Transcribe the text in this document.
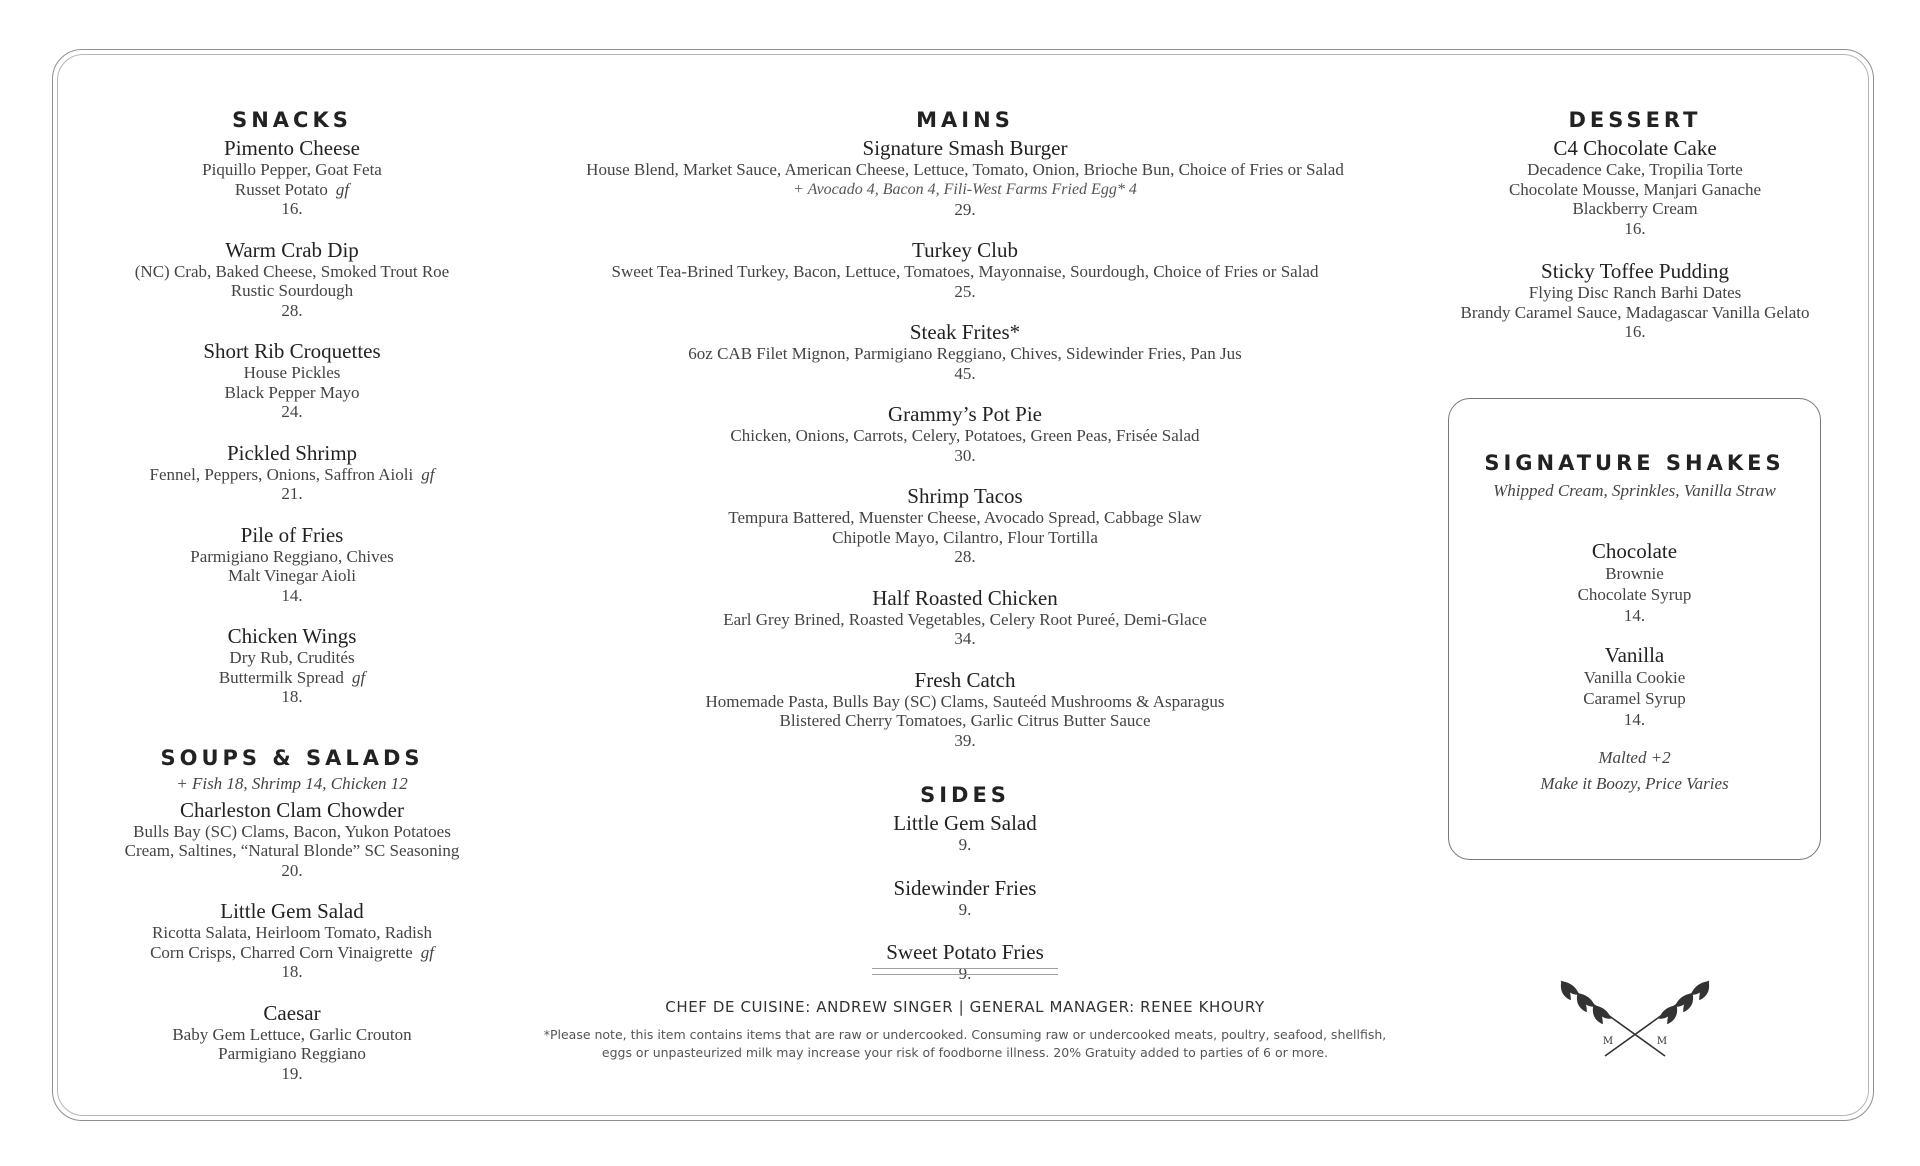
SNACKS
Pimento Cheese
Piquillo Pepper, Goat Feta
Russet Potato gf
16.
Warm Crab Dip
(NC) Crab, Baked Cheese, Smoked Trout Roe
Rustic Sourdough
28.
Short Rib Croquettes
House Pickles
Black Pepper Mayo
24.
Pickled Shrimp
Fennel, Peppers, Onions, Saffron Aioli gf
21.
Pile of Fries
Parmigiano Reggiano, Chives
Malt Vinegar Aioli
14.
Chicken Wings
Dry Rub, Crudités
Buttermilk Spread gf
18.
SOUPS & SALADS
+ Fish 18, Shrimp 14, Chicken 12
Charleston Clam Chowder
Bulls Bay (SC) Clams, Bacon, Yukon Potatoes
Cream, Saltines, “Natural Blonde” SC Seasoning
20.
Little Gem Salad
Ricotta Salata, Heirloom Tomato, Radish
Corn Crisps, Charred Corn Vinaigrette gf
18.
Caesar
Baby Gem Lettuce, Garlic Crouton
Parmigiano Reggiano
19.
MAINS
Signature Smash Burger
House Blend, Market Sauce, American Cheese, Lettuce, Tomato, Onion, Brioche Bun, Choice of Fries or Salad
+ Avocado 4, Bacon 4, Fili-West Farms Fried Egg* 4
29.
Turkey Club
Sweet Tea-Brined Turkey, Bacon, Lettuce, Tomatoes, Mayonnaise, Sourdough, Choice of Fries or Salad
25.
Steak Frites*
6oz CAB Filet Mignon, Parmigiano Reggiano, Chives, Sidewinder Fries, Pan Jus
45.
Grammy’s Pot Pie
Chicken, Onions, Carrots, Celery, Potatoes, Green Peas, Frisée Salad
30.
Shrimp Tacos
Tempura Battered, Muenster Cheese, Avocado Spread, Cabbage Slaw
Chipotle Mayo, Cilantro, Flour Tortilla
28.
Half Roasted Chicken
Earl Grey Brined, Roasted Vegetables, Celery Root Pureé, Demi-Glace
34.
Fresh Catch
Homemade Pasta, Bulls Bay (SC) Clams, Sauteéd Mushrooms & Asparagus
Blistered Cherry Tomatoes, Garlic Citrus Butter Sauce
39.
SIDES
Little Gem Salad
9.
Sidewinder Fries
9.
Sweet Potato Fries
9.
DESSERT
C4 Chocolate Cake
Decadence Cake, Tropilia Torte
Chocolate Mousse, Manjari Ganache
Blackberry Cream
16.
Sticky Toffee Pudding
Flying Disc Ranch Barhi Dates
Brandy Caramel Sauce, Madagascar Vanilla Gelato
16.
SIGNATURE SHAKES
Whipped Cream, Sprinkles, Vanilla Straw
Chocolate
Brownie
Chocolate Syrup
14.
Vanilla
Vanilla Cookie
Caramel Syrup
14.
Malted +2
Make it Boozy, Price Varies
CHEF DE CUISINE: ANDREW SINGER | GENERAL MANAGER: RENEE KHOURY
*Please note, this item contains items that are raw or undercooked. Consuming raw or undercooked meats, poultry, seafood, shellfish,
eggs or unpasteurized milk may increase your risk of foodborne illness. 20% Gratuity added to parties of 6 or more.
M	M
